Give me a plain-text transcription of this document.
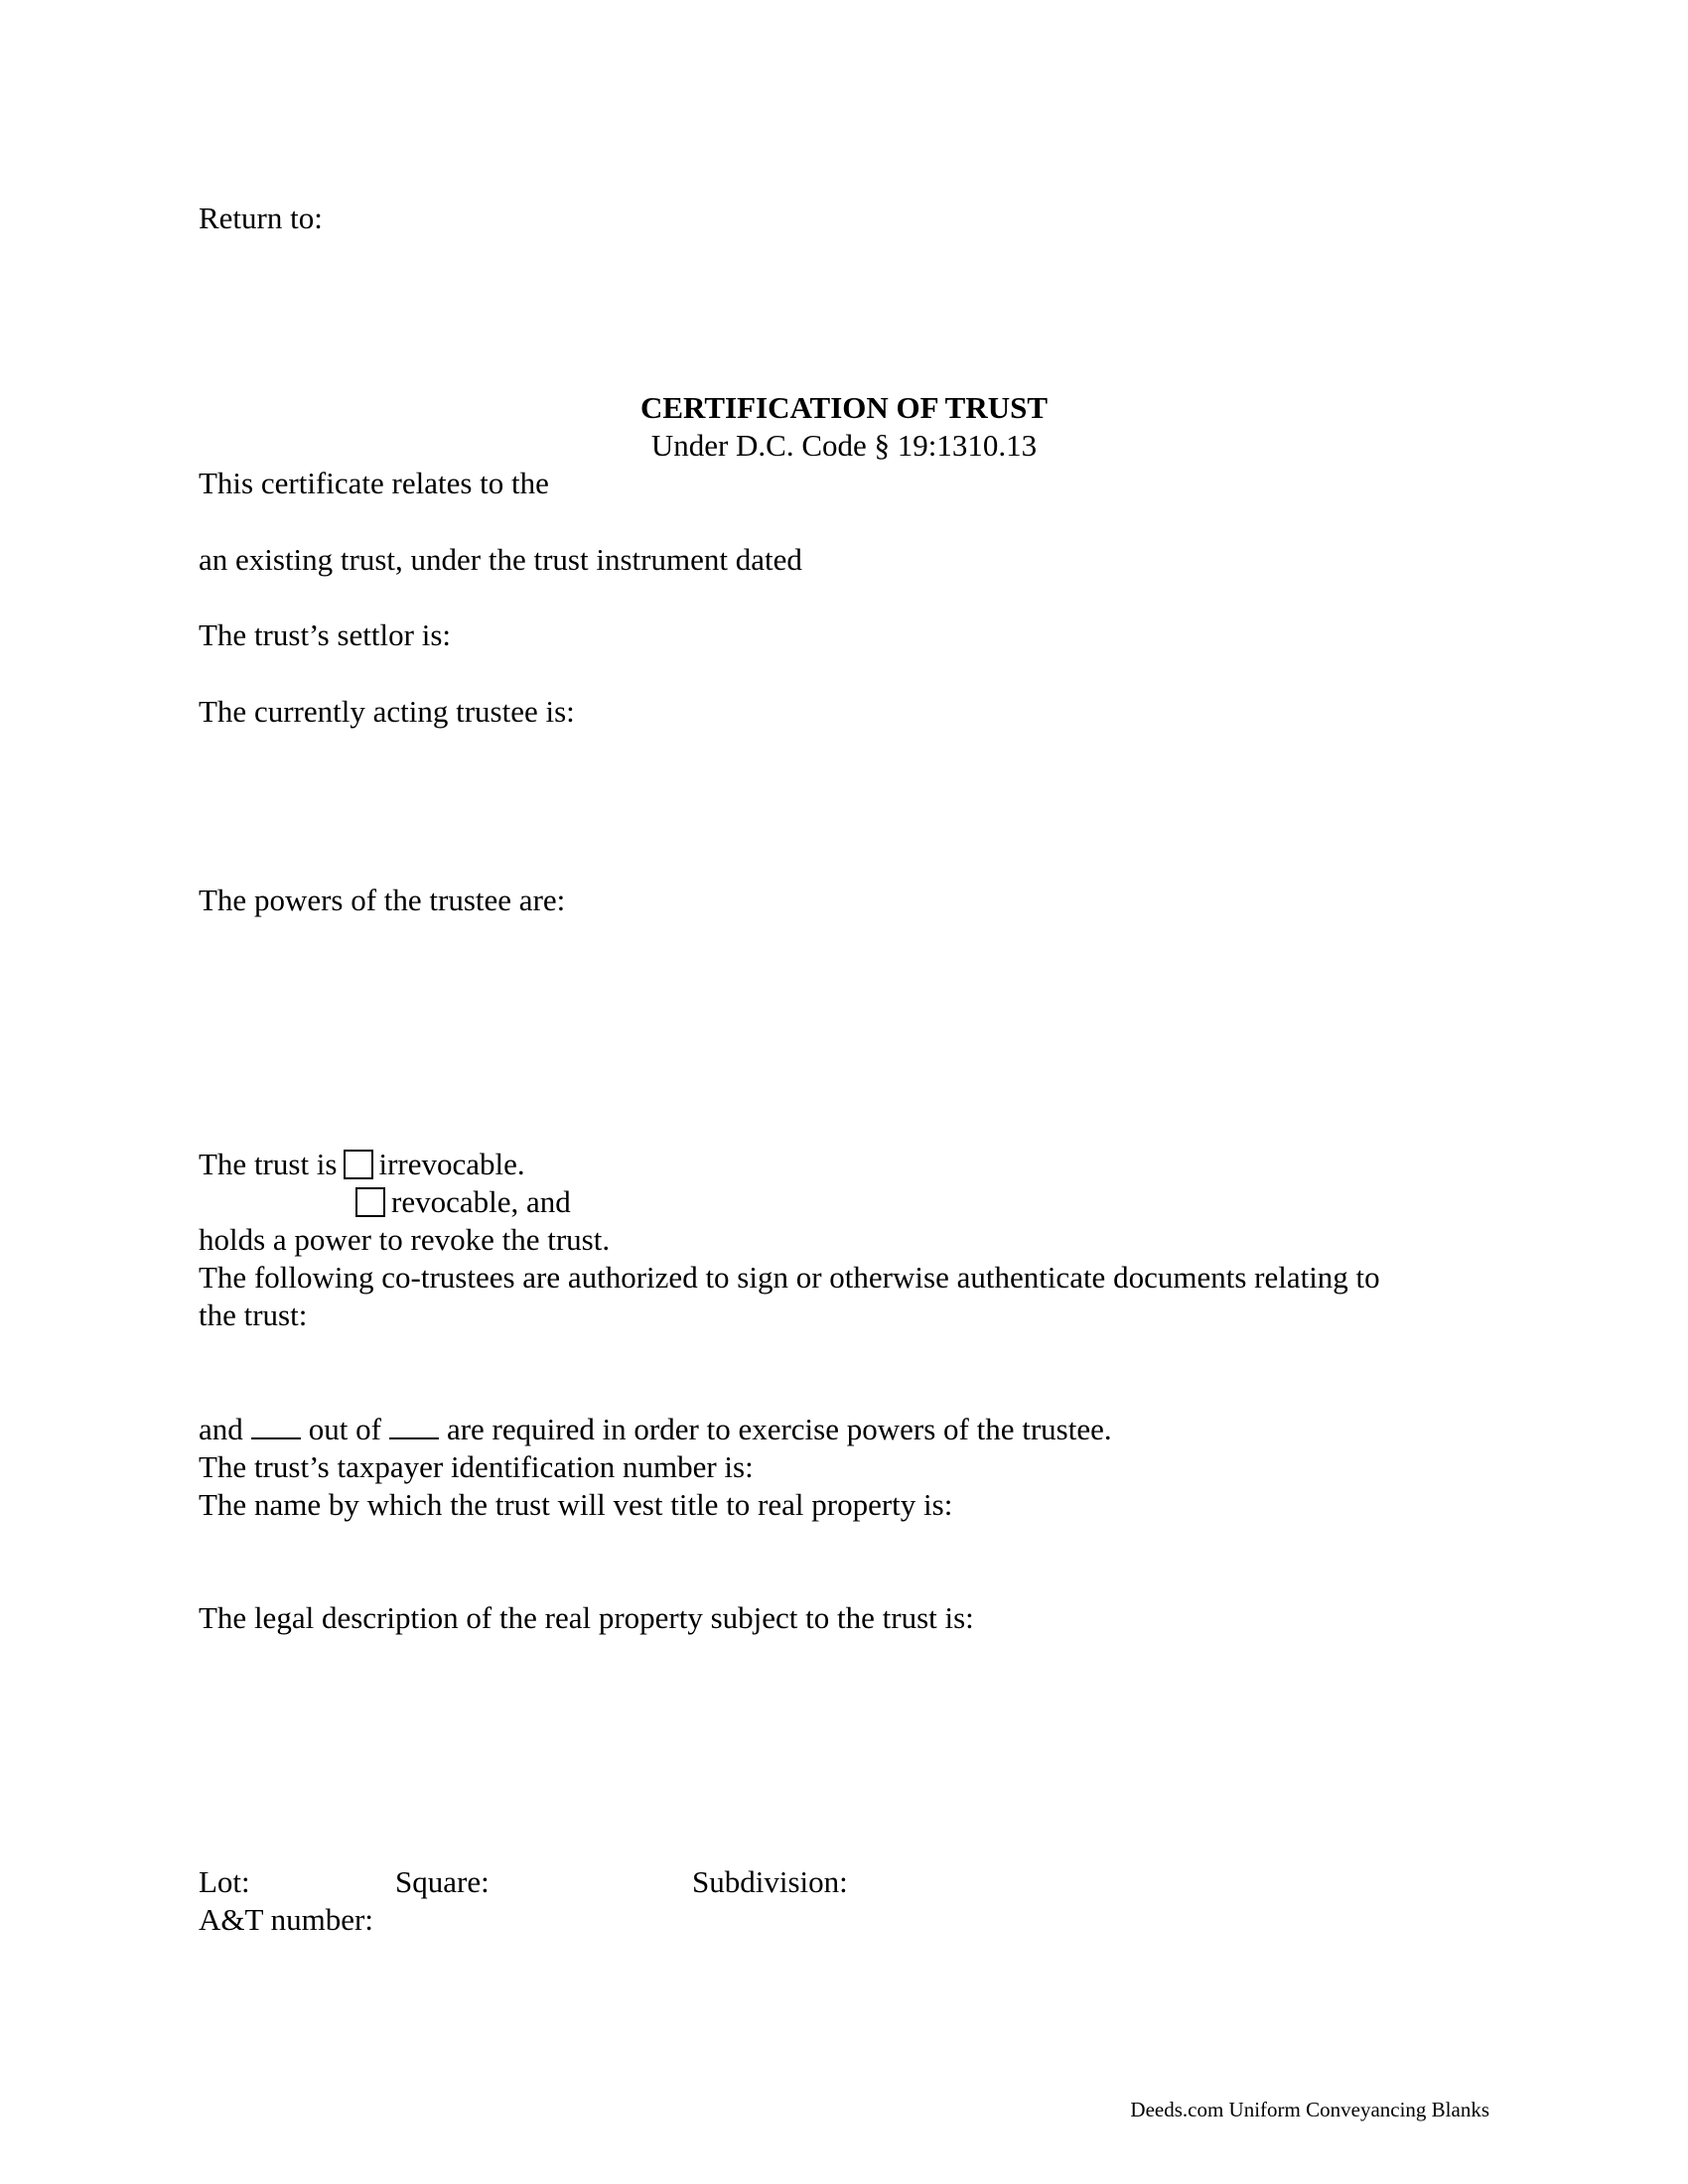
Return to:
CERTIFICATION OF TRUST
Under D.C. Code § 19:1310.13
This certificate relates to the
an existing trust, under the trust instrument dated
The trust’s settlor is:
The currently acting trustee is:
The powers of the trustee are:
The trust is irrevocable.
revocable, and
holds a power to revoke the trust.
The following co-trustees are authorized to sign or otherwise authenticate documents relating to
the trust:
and out of are required in order to exercise powers of the trustee.
The trust’s taxpayer identification number is:
The name by which the trust will vest title to real property is:
The legal description of the real property subject to the trust is:
Lot:	Square:	Subdivision:
A&T number:
Deeds.com Uniform Conveyancing Blanks
